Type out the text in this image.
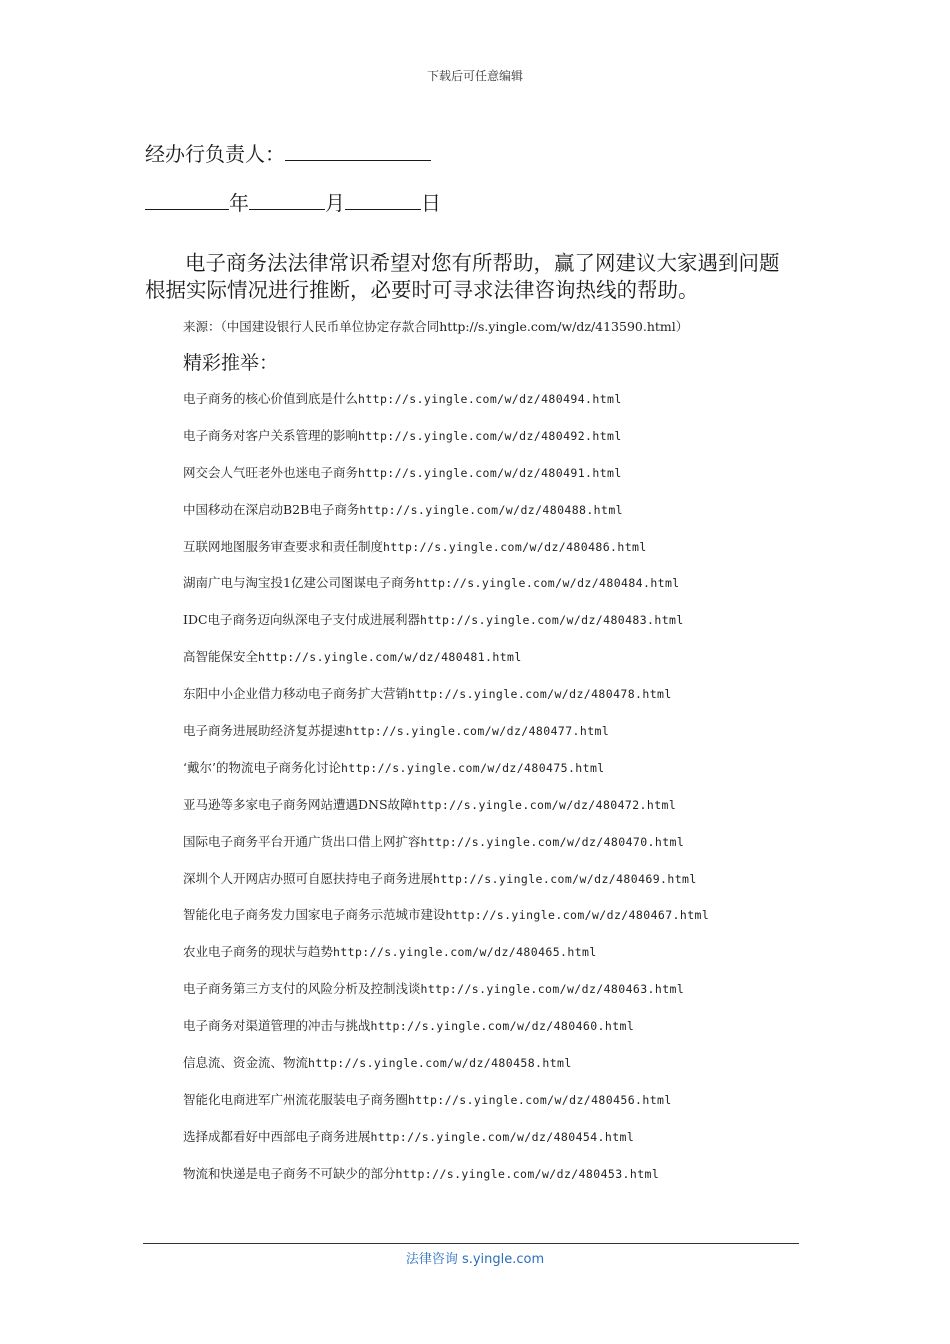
下载后可任意编辑
经办行负责人：
年	月	日
电子商务法法律常识希望对您有所帮助，赢了网建议大家遇到问题根据实际情况进行推断，必要时可寻求法律咨询热线的帮助。
来源：（中国建设银行人民币单位协定存款合同http://s.yingle.com/w/dz/413590.html）
精彩推举：
电子商务的核心价值到底是什么http://s.yingle.com/w/dz/480494.html
电子商务对客户关系管理的影响http://s.yingle.com/w/dz/480492.html
网交会人气旺老外也迷电子商务http://s.yingle.com/w/dz/480491.html
中国移动在深启动B2B电子商务http://s.yingle.com/w/dz/480488.html
互联网地图服务审查要求和责任制度http://s.yingle.com/w/dz/480486.html
湖南广电与淘宝投1亿建公司图谋电子商务http://s.yingle.com/w/dz/480484.html
IDC电子商务迈向纵深电子支付成进展利器http://s.yingle.com/w/dz/480483.html
高智能保安全http://s.yingle.com/w/dz/480481.html
东阳中小企业借力移动电子商务扩大营销http://s.yingle.com/w/dz/480478.html
电子商务进展助经济复苏提速http://s.yingle.com/w/dz/480477.html
‘戴尔’的物流电子商务化讨论http://s.yingle.com/w/dz/480475.html
亚马逊等多家电子商务网站遭遇DNS故障http://s.yingle.com/w/dz/480472.html
国际电子商务平台开通广货出口借上网扩容http://s.yingle.com/w/dz/480470.html
深圳个人开网店办照可自愿扶持电子商务进展http://s.yingle.com/w/dz/480469.html
智能化电子商务发力国家电子商务示范城市建设http://s.yingle.com/w/dz/480467.html
农业电子商务的现状与趋势http://s.yingle.com/w/dz/480465.html
电子商务第三方支付的风险分析及控制浅谈http://s.yingle.com/w/dz/480463.html
电子商务对渠道管理的冲击与挑战http://s.yingle.com/w/dz/480460.html
信息流、资金流、物流http://s.yingle.com/w/dz/480458.html
智能化电商进军广州流花服装电子商务圈http://s.yingle.com/w/dz/480456.html
选择成都看好中西部电子商务进展http://s.yingle.com/w/dz/480454.html
物流和快递是电子商务不可缺少的部分http://s.yingle.com/w/dz/480453.html
法律咨询 s.yingle.com
